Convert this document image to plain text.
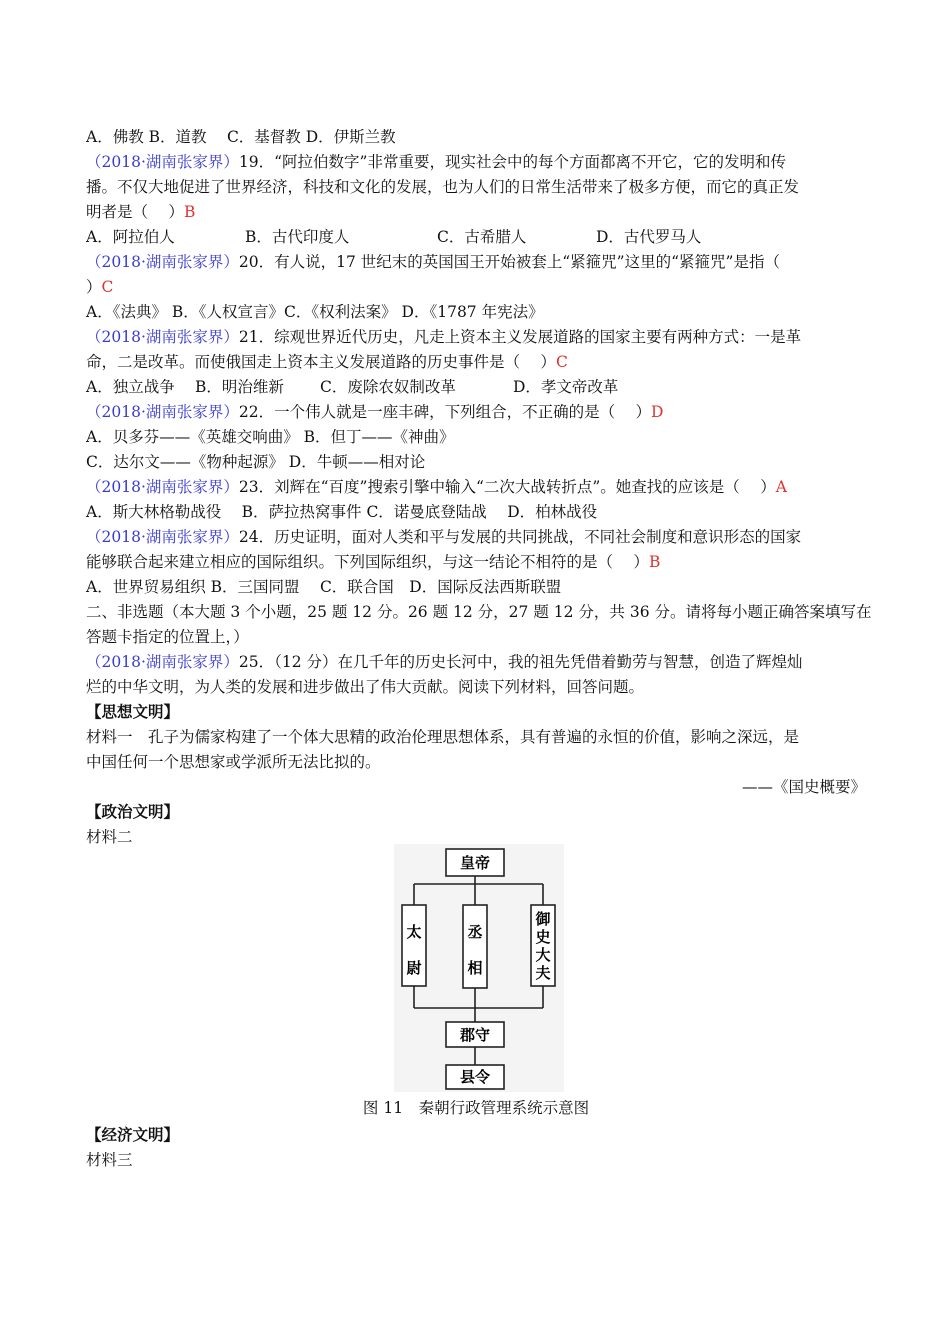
A．佛教 B．道教　 C．基督教 D．伊斯兰教
（2018·湖南张家界）19．“阿拉伯数字”非常重要，现实社会中的每个方面都离不开它，它的发明和传
播。不仅大地促进了世界经济，科技和文化的发展，也为人们的日常生活带来了极多方便，而它的真正发
明者是（　 ）B
A．阿拉伯人	B．古代印度人	C．古希腊人	D．古代罗马人
（2018·湖南张家界）20．有人说，17 世纪末的英国国王开始被套上“紧箍咒”这里的“紧箍咒”是指（
）C
A．《法典》 B．《人权宣言》C．《权利法案》 D．《1787 年宪法》
（2018·湖南张家界）21．综观世界近代历史，凡走上资本主义发展道路的国家主要有两种方式：一是革
命，二是改革。而使俄国走上资本主义发展道路的历史事件是（　 ）C
A．独立战争 B．明治维新 C．废除农奴制改革	D．孝文帝改革
（2018·湖南张家界）22．一个伟人就是一座丰碑，下列组合，不正确的是（　 ）D
A．贝多芬——《英雄交响曲》 B．但丁——《神曲》
C．达尔文——《物种起源》 D．牛顿——相对论
（2018·湖南张家界）23．刘辉在“百度”搜索引擎中输入“二次大战转折点”。她查找的应该是（　 ）A
A．斯大林格勒战役　 B．萨拉热窝事件 C．诺曼底登陆战　 D．柏林战役
（2018·湖南张家界）24．历史证明，面对人类和平与发展的共同挑战，不同社会制度和意识形态的国家
能够联合起来建立相应的国际组织。下列国际组织，与这一结论不相符的是（　 ）B
A．世界贸易组织 B．三国同盟　 C．联合国　D．国际反法西斯联盟
二、非选题（本大题 3 个小题，25 题 12 分。26 题 12 分，27 题 12 分，共 36 分。请将每小题正确答案填写在
答题卡指定的位置上，）
（2018·湖南张家界）25．（12 分）在几千年的历史长河中，我的祖先凭借着勤劳与智慧，创造了辉煌灿
烂的中华文明，为人类的发展和进步做出了伟大贡献。阅读下列材料，回答问题。
【思想文明】
材料一　孔子为儒家构建了一个体大思精的政治伦理思想体系，具有普遍的永恒的价值，影响之深远，是
中国任何一个思想家或学派所无法比拟的。
——《国史概要》
【政治文明】
材料二
皇帝
太
尉
丞
相
御
史
大
夫
郡守
县令
图 11　秦朝行政管理系统示意图
【经济文明】
材料三
